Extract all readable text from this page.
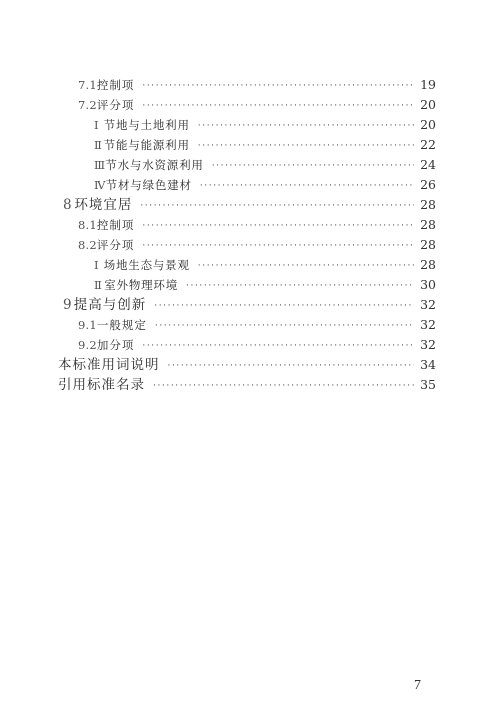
7.1 控制项 ·····	19
7.2 评分项 ·····	20
Ⅰ 节地与土地利用 ·····	20
Ⅱ 节能与能源利用 ·····	22
Ⅲ 节水与水资源利用 ·····	24
Ⅳ 节材与绿色建材 ·····	26
8 环境宜居 ·····	28
8.1 控制项 ·····	28
8.2 评分项 ·····	28
Ⅰ 场地生态与景观 ·····	28
Ⅱ 室外物理环境 ·····	30
9 提高与创新 ·····	32
9.1 一般规定 ·····	32
9.2 加分项 ·····	32
本标准用词说明 ·····	34
引用标准名录 ·····	35
7
